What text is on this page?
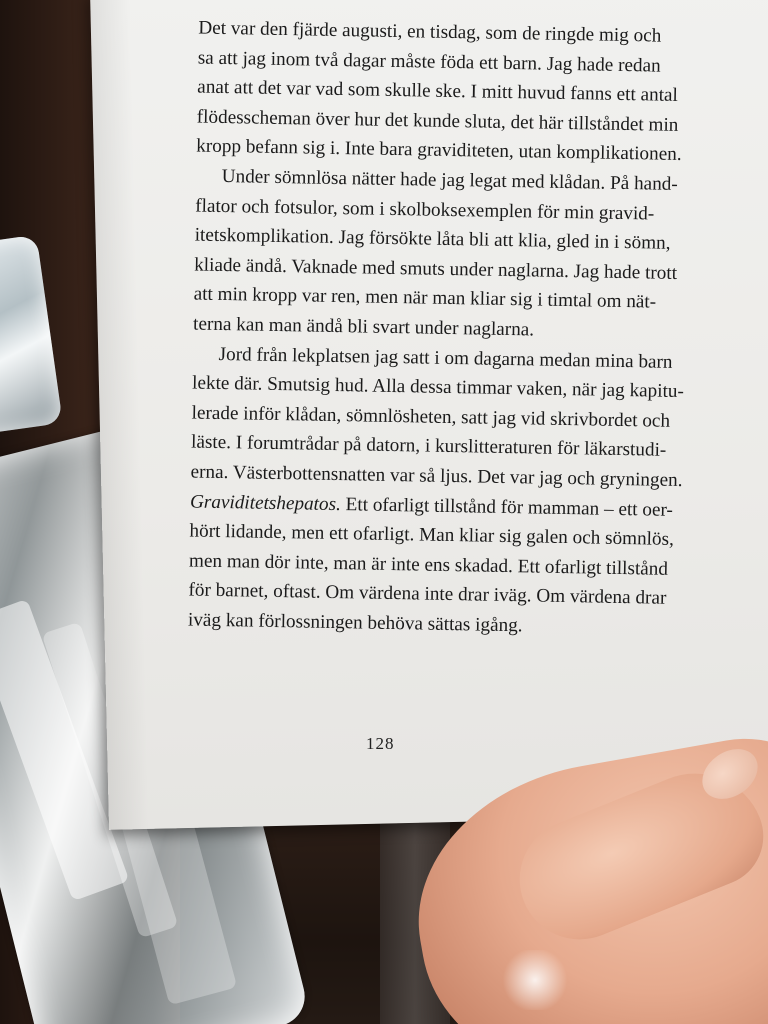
Det var den fjärde augusti, en tisdag, som de ringde mig och
sa att jag inom två dagar måste föda ett barn. Jag hade redan
anat att det var vad som skulle ske. I mitt huvud fanns ett antal
flödesscheman över hur det kunde sluta, det här tillståndet min
kropp befann sig i. Inte bara graviditeten, utan komplikationen.

Under sömnlösa nätter hade jag legat med klådan. På hand-
flator och fotsulor, som i skolboksexemplen för min gravid-
itetskomplikation. Jag försökte låta bli att klia, gled in i sömn,
kliade ändå. Vaknade med smuts under naglarna. Jag hade trott
att min kropp var ren, men när man kliar sig i timtal om nät-
terna kan man ändå bli svart under naglarna.

Jord från lekplatsen jag satt i om dagarna medan mina barn
lekte där. Smutsig hud. Alla dessa timmar vaken, när jag kapitu-
lerade inför klådan, sömnlösheten, satt jag vid skrivbordet och
läste. I forumtrådar på datorn, i kurslitteraturen för läkarstudi-
erna. Västerbottensnatten var så ljus. Det var jag och gryningen.

Graviditetshepatos. Ett ofarligt tillstånd för mamman – ett oer-
hört lidande, men ett ofarligt. Man kliar sig galen och sömnlös,
men man dör inte, man är inte ens skadad. Ett ofarligt tillstånd
för barnet, oftast. Om värdena inte drar iväg. Om värdena drar
iväg kan förlossningen behöva sättas igång.

128
